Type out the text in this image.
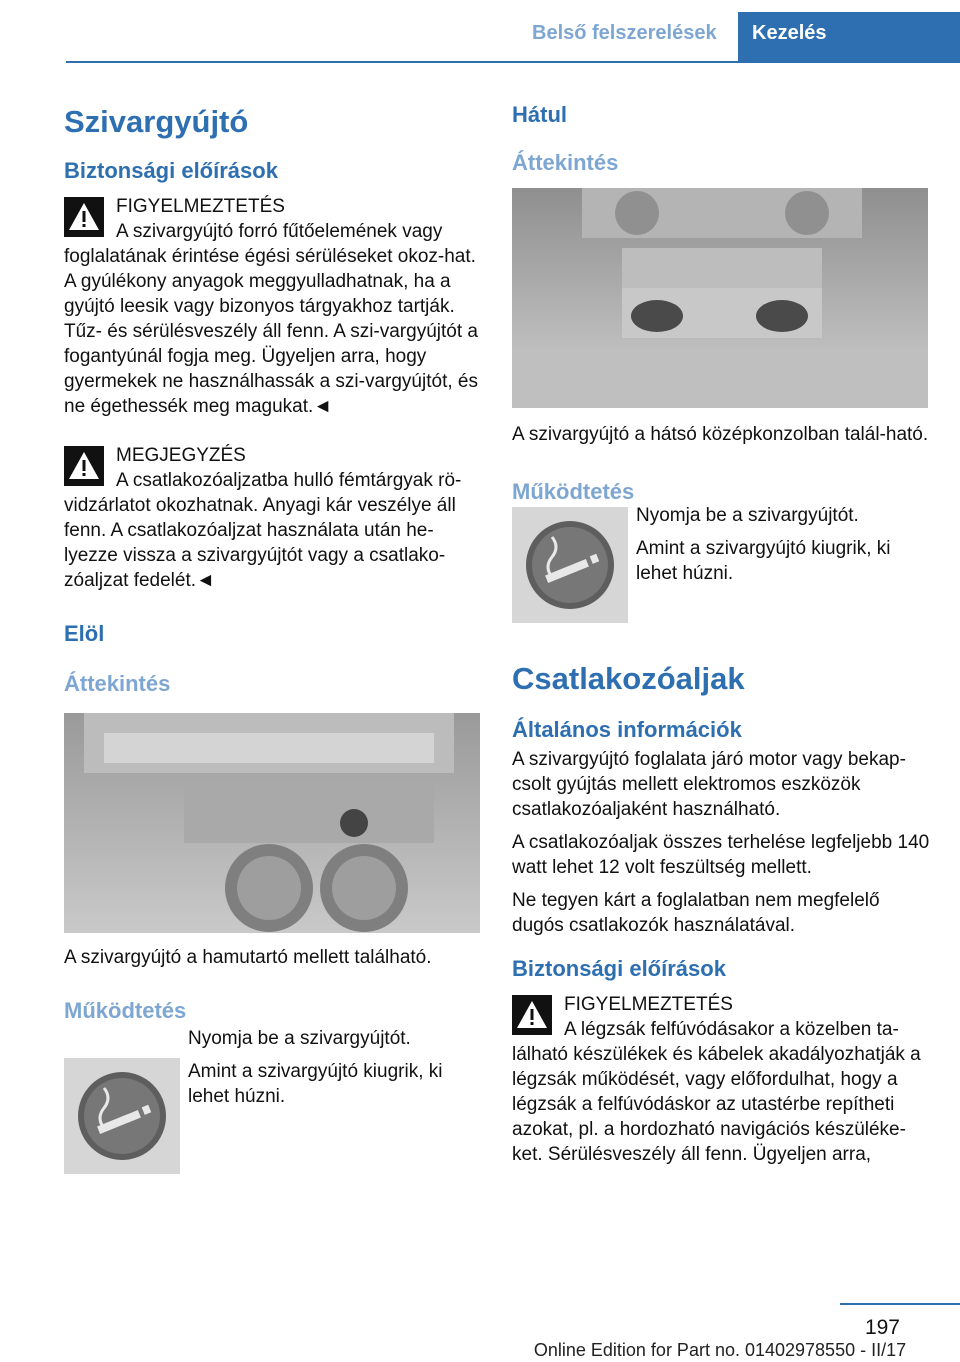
Belső felszerelések	Kezelés
Szivargyújtó
Biztonsági előírások
FIGYELMEZTETÉS

A szivargyújtó forró fűtőelemének vagy foglalatának érintése égési sérüléseket okoz-hat. A gyúlékony anyagok meggyulladhatnak, ha a gyújtó leesik vagy bizonyos tárgyakhoz tartják. Tűz- és sérülésveszély áll fenn. A szi-vargyújtót a fogantyúnál fogja meg. Ügyeljen arra, hogy gyermekek ne használhassák a szi-vargyújtót, és ne égethessék meg magukat.◄

MEGJEGYZÉS

A csatlakozóaljzatba hulló fémtárgyak rö-vidzárlatot okozhatnak. Anyagi kár veszélye áll fenn. A csatlakozóaljzat használata után he-lyezze vissza a szivargyújtót vagy a csatlako-zóaljzat fedelét.◄

Elöl
Áttekintés

A szivargyújtó a hamutartó mellett található.

Működtetés

Nyomja be a szivargyújtót.

Amint a szivargyújtó kiugrik, ki lehet húzni.

Hátul
Áttekintés

A szivargyújtó a hátsó középkonzolban talál-ható.

Működtetés

Nyomja be a szivargyújtót.

Amint a szivargyújtó kiugrik, ki lehet húzni.

Csatlakozóaljak
Általános információk

A szivargyújtó foglalata járó motor vagy bekap-csolt gyújtás mellett elektromos eszközök csatlakozóaljaként használható.

A csatlakozóaljak összes terhelése legfeljebb 140 watt lehet 12 volt feszültség mellett.

Ne tegyen kárt a foglalatban nem megfelelő dugós csatlakozók használatával.

Biztonsági előírások
FIGYELMEZTETÉS

A légzsák felfúvódásakor a közelben ta-lálható készülékek és kábelek akadályozhatják a légzsák működését, vagy előfordulhat, hogy a légzsák a felfúvódáskor az utastérbe repítheti azokat, pl. a hordozható navigációs készüléke-ket. Sérülésveszély áll fenn. Ügyeljen arra,

197
Online Edition for Part no. 01402978550 - II/17
